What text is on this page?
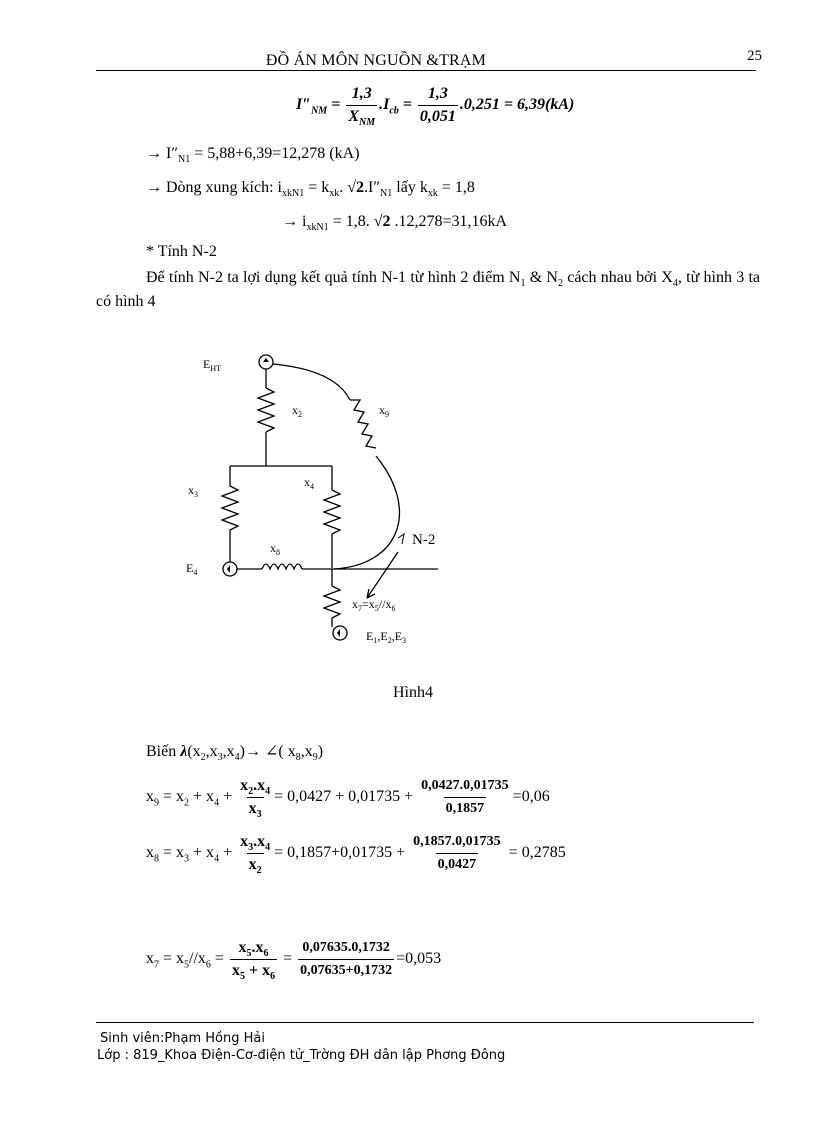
ĐỒ ÁN MÔN NGUỒN &TRẠM	25
$I''_{NM} = \frac{1,3}{X_{NM}} .I_{cb} = \frac{1,3}{0,051} .0,251 = 6,39(kA)$
→ $I''_{N1} = 5,88+6,39=12,278$ (kA)
→ Dòng xung kích: $i_{xkN1} = k_{xk}$. $√2.I''_{N1}$ lấy $k_{xk} = 1,8$
→ $i_{xkN1} = 1,8$. √2 .12,278=31,16kA
* Tính N-2
Để tính N-2 ta lợi dụng kết quả tính N-1 từ hình 2 điểm $N_1$ & $N_2$ cách nhau bởi $X_4$, từ hình 3 ta có hình 4
$E_{HT}$
$x_2$	$x_9$
$x_3$
$x_4$
$x_8$
$E_4$
$x_7=x_5//x_6$
$E_1,E_2,E_3$
N-2
Hình4
Biến $\lambda(x_2,x_3,x_4)\to$ ∠( $x_8,x_9$)
$x_9 = x_2 + x_4 + \frac{x_2.x_4}{x_3} = 0,0427 + 0,01735 + \frac{0,0427.0,01735}{0,1857} =0,06$
$x_8 = x_3 + x_4 + \frac{x_3.x_4}{x_2} = 0,1857+0,01735 + \frac{0,1857.0,01735}{0,0427} = 0,2785$
$x_7 = x_5//x_6 = \frac{x_5.x_6}{x_5 + x_6} = \frac{0,07635.0,1732}{0,07635+0,1732} =0,053$
Sinh viên:Phạm Hồng Hải
Lớp : 819_Khoa Điện-Cơ-điện tử_Trờng ĐH dân lập Phơng Đông
